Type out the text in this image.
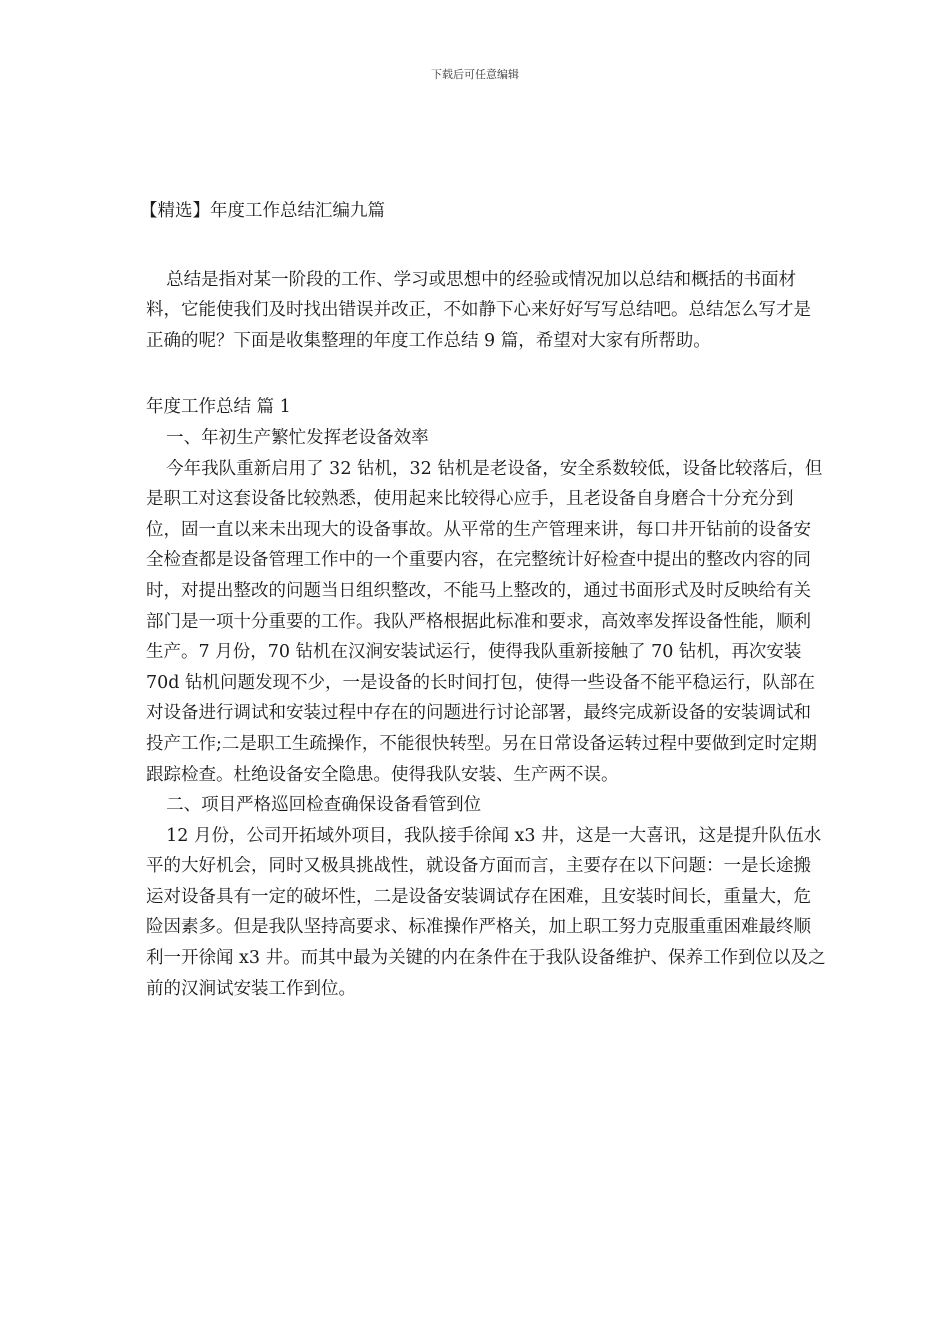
下载后可任意编辑

【精选】年度工作总结汇编九篇

总结是指对某一阶段的工作、学习或思想中的经验或情况加以总结和概括的书面材料，它能使我们及时找出错误并改正，不如静下心来好好写写总结吧。总结怎么写才是正确的呢？下面是收集整理的年度工作总结 9 篇，希望对大家有所帮助。

年度工作总结 篇 1

一、年初生产繁忙发挥老设备效率

今年我队重新启用了 32 钻机，32 钻机是老设备，安全系数较低，设备比较落后，但是职工对这套设备比较熟悉，使用起来比较得心应手，且老设备自身磨合十分充分到位，固一直以来未出现大的设备事故。从平常的生产管理来讲，每口井开钻前的设备安全检查都是设备管理工作中的一个重要内容，在完整统计好检查中提出的整改内容的同时，对提出整改的问题当日组织整改，不能马上整改的，通过书面形式及时反映给有关部门是一项十分重要的工作。我队严格根据此标准和要求，高效率发挥设备性能，顺利生产。7 月份，70 钻机在汉涧安装试运行，使得我队重新接触了 70 钻机，再次安装 70d 钻机问题发现不少，一是设备的长时间打包，使得一些设备不能平稳运行，队部在对设备进行调试和安装过程中存在的问题进行讨论部署，最终完成新设备的安装调试和投产工作;二是职工生疏操作，不能很快转型。另在日常设备运转过程中要做到定时定期跟踪检查。杜绝设备安全隐患。使得我队安装、生产两不误。

二、项目严格巡回检查确保设备看管到位

12 月份，公司开拓域外项目，我队接手徐闻 x3 井，这是一大喜讯，这是提升队伍水平的大好机会，同时又极具挑战性，就设备方面而言，主要存在以下问题：一是长途搬运对设备具有一定的破坏性，二是设备安装调试存在困难，且安装时间长，重量大，危险因素多。但是我队坚持高要求、标准操作严格关，加上职工努力克服重重困难最终顺利一开徐闻 x3 井。而其中最为关键的内在条件在于我队设备维护、保养工作到位以及之前的汉涧试安装工作到位。
